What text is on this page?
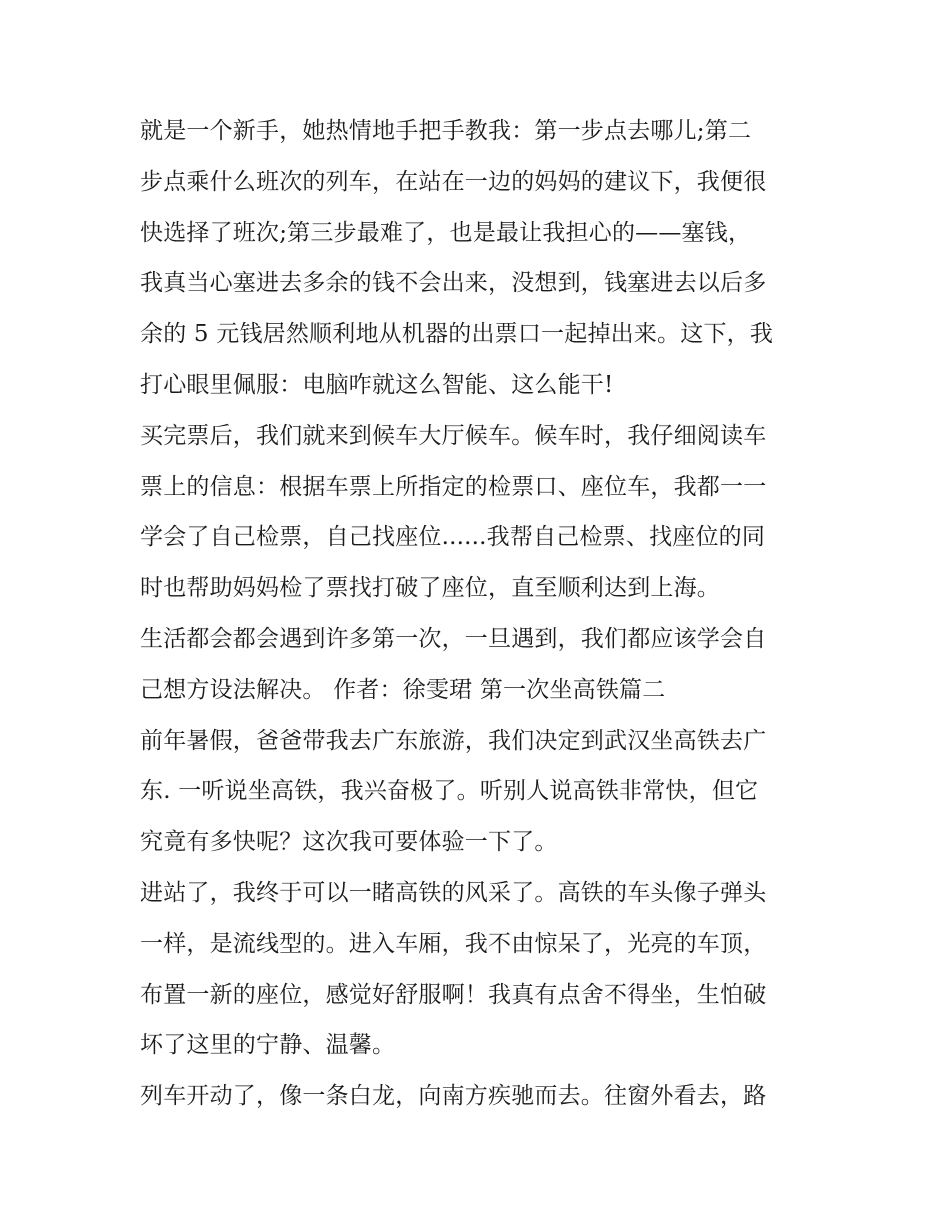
就是一个新手，她热情地手把手教我：第一步点去哪儿;第二
步点乘什么班次的列车，在站在一边的妈妈的建议下，我便很
快选择了班次;第三步最难了，也是最让我担心的——塞钱，
我真当心塞进去多余的钱不会出来，没想到，钱塞进去以后多
余的 5 元钱居然顺利地从机器的出票口一起掉出来。这下，我
打心眼里佩服：电脑咋就这么智能、这么能干!
买完票后，我们就来到候车大厅候车。候车时，我仔细阅读车
票上的信息：根据车票上所指定的检票口、座位车，我都一一
学会了自己检票，自己找座位......我帮自己检票、找座位的同
时也帮助妈妈检了票找打破了座位，直至顺利达到上海。
生活都会都会遇到许多第一次，一旦遇到，我们都应该学会自
己想方设法解决。 作者：徐雯珺 第一次坐高铁篇二
前年暑假，爸爸带我去广东旅游，我们决定到武汉坐高铁去广
东. 一听说坐高铁，我兴奋极了。听别人说高铁非常快，但它
究竟有多快呢？这次我可要体验一下了。
进站了，我终于可以一睹高铁的风采了。高铁的车头像子弹头
一样，是流线型的。进入车厢，我不由惊呆了，光亮的车顶，
布置一新的座位，感觉好舒服啊！我真有点舍不得坐，生怕破
坏了这里的宁静、温馨。
列车开动了，像一条白龙，向南方疾驰而去。往窗外看去，路
